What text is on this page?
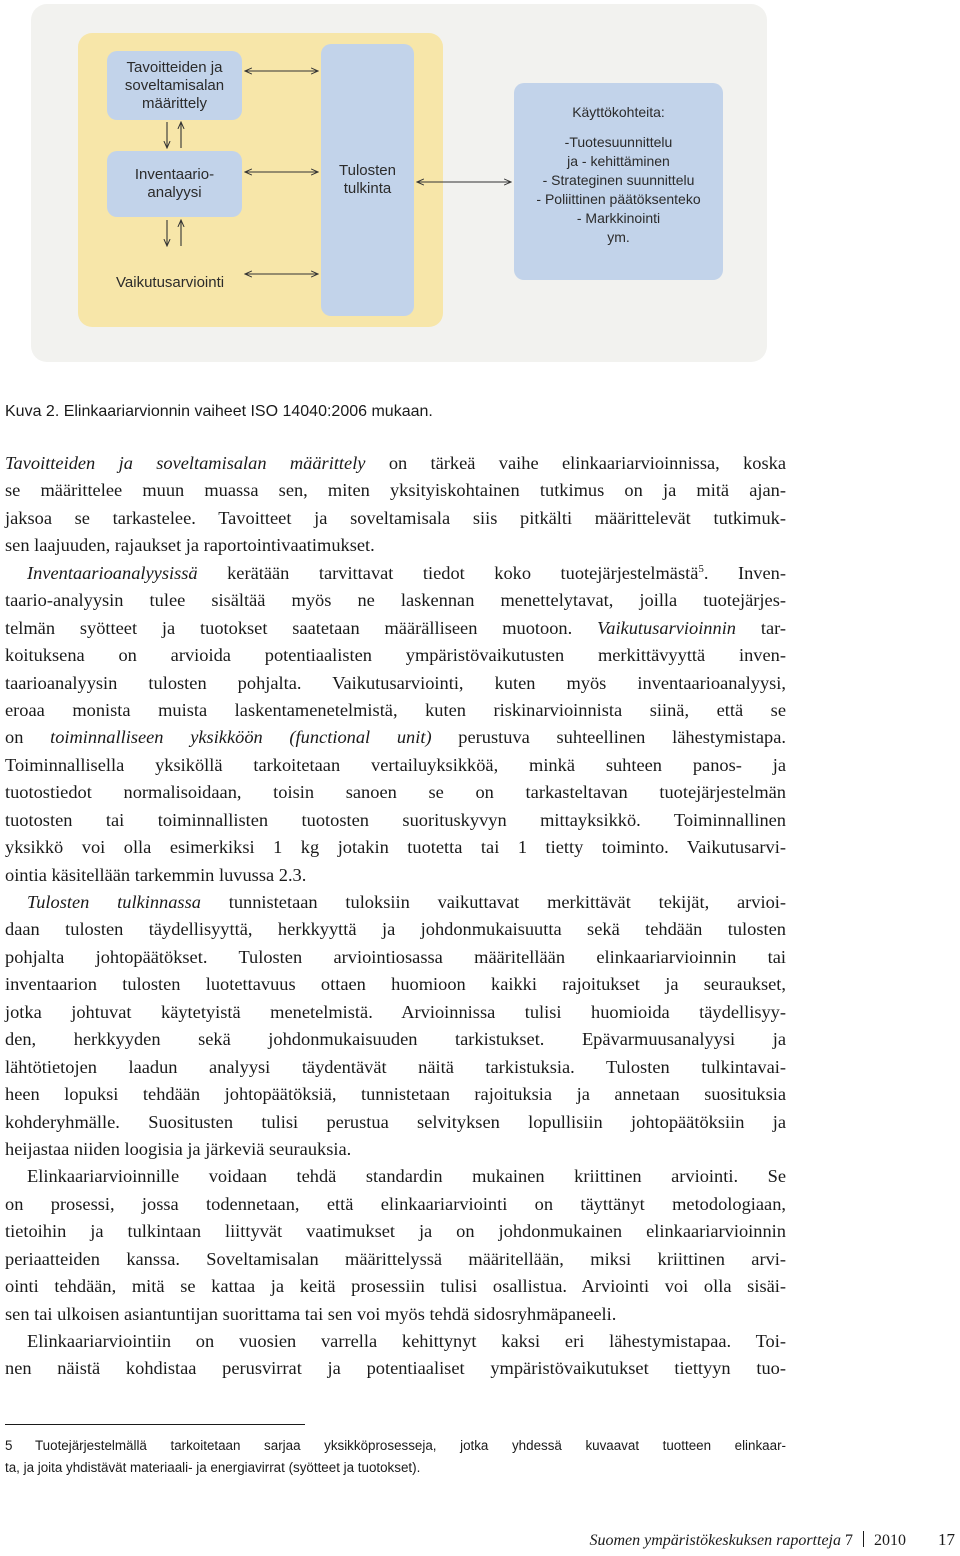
Tavoitteiden ja
soveltamisalan
määrittely
Inventaario-
analyysi
Vaikutusarviointi
Tulosten
tulkinta
Käyttökohteita:
-Tuotesuunnittelu
ja - kehittäminen
- Strateginen suunnittelu
- Poliittinen päätöksenteko
- Markkinointi
ym.
Kuva 2. Elinkaariarvionnin vaiheet ISO 14040:2006 mukaan.
Tavoitteiden ja soveltamisalan määrittely on tärkeä vaihe elinkaariarvioinnissa, koska
se määrittelee muun muassa sen, miten yksityiskohtainen tutkimus on ja mitä ajan-
jaksoa se tarkastelee. Tavoitteet ja soveltamisala siis pitkälti määrittelevät tutkimuk-
sen laajuuden, rajaukset ja raportointivaatimukset.
Inventaarioanalyysissä kerätään tarvittavat tiedot koko tuotejärjestelmästä$^5$. Inven-
taario-analyysin tulee sisältää myös ne laskennan menettelytavat, joilla tuotejärjes-
telmän syötteet ja tuotokset saatetaan määrälliseen muotoon. Vaikutusarvioinnin tar-
koituksena on arvioida potentiaalisten ympäristövaikutusten merkittävyyttä inven-
taarioanalyysin tulosten pohjalta. Vaikutusarviointi, kuten myös inventaarioanalyysi,
eroaa monista muista laskentamenetelmistä, kuten riskinarvioinnista siinä, että se
on toiminnalliseen yksikköön (functional unit) perustuva suhteellinen lähestymistapa.
Toiminnallisella yksiköllä tarkoitetaan vertailuyksikköä, minkä suhteen panos- ja
tuotostiedot normalisoidaan, toisin sanoen se on tarkasteltavan tuotejärjestelmän
tuotosten tai toiminnallisten tuotosten suorituskyvyn mittayksikkö. Toiminnallinen
yksikkö voi olla esimerkiksi 1 kg jotakin tuotetta tai 1 tietty toiminto. Vaikutusarvi-
ointia käsitellään tarkemmin luvussa 2.3.
Tulosten tulkinnassa tunnistetaan tuloksiin vaikuttavat merkittävät tekijät, arvioi-
daan tulosten täydellisyyttä, herkkyyttä ja johdonmukaisuutta sekä tehdään tulosten
pohjalta johtopäätökset. Tulosten arviointiosassa määritellään elinkaariarvioinnin tai
inventaarion tulosten luotettavuus ottaen huomioon kaikki rajoitukset ja seuraukset,
jotka johtuvat käytetyistä menetelmistä. Arvioinnissa tulisi huomioida täydellisyy-
den, herkkyyden sekä johdonmukaisuuden tarkistukset. Epävarmuusanalyysi ja
lähtötietojen laadun analyysi täydentävät näitä tarkistuksia. Tulosten tulkintavai-
heen lopuksi tehdään johtopäätöksiä, tunnistetaan rajoituksia ja annetaan suosituksia
kohderyhmälle. Suositusten tulisi perustua selvityksen lopullisiin johtopäätöksiin ja
heijastaa niiden loogisia ja järkeviä seurauksia.
Elinkaariarvioinnille voidaan tehdä standardin mukainen kriittinen arviointi. Se
on prosessi, jossa todennetaan, että elinkaariarviointi on täyttänyt metodologiaan,
tietoihin ja tulkintaan liittyvät vaatimukset ja on johdonmukainen elinkaariarvioinnin
periaatteiden kanssa. Soveltamisalan määrittelyssä määritellään, miksi kriittinen arvi-
ointi tehdään, mitä se kattaa ja keitä prosessiin tulisi osallistua. Arviointi voi olla sisäi-
sen tai ulkoisen asiantuntijan suorittama tai sen voi myös tehdä sidosryhmäpaneeli.
Elinkaariarviointiin on vuosien varrella kehittynyt kaksi eri lähestymistapaa. Toi-
nen näistä kohdistaa perusvirrat ja potentiaaliset ympäristövaikutukset tiettyyn tuo-
5 Tuotejärjestelmällä tarkoitetaan sarjaa yksikköprosesseja, jotka yhdessä kuvaavat tuotteen elinkaar-
ta, ja joita yhdistävät materiaali- ja energiavirrat (syötteet ja tuotokset).
Suomen ympäristökeskuksen raportteja 7 2010 17
